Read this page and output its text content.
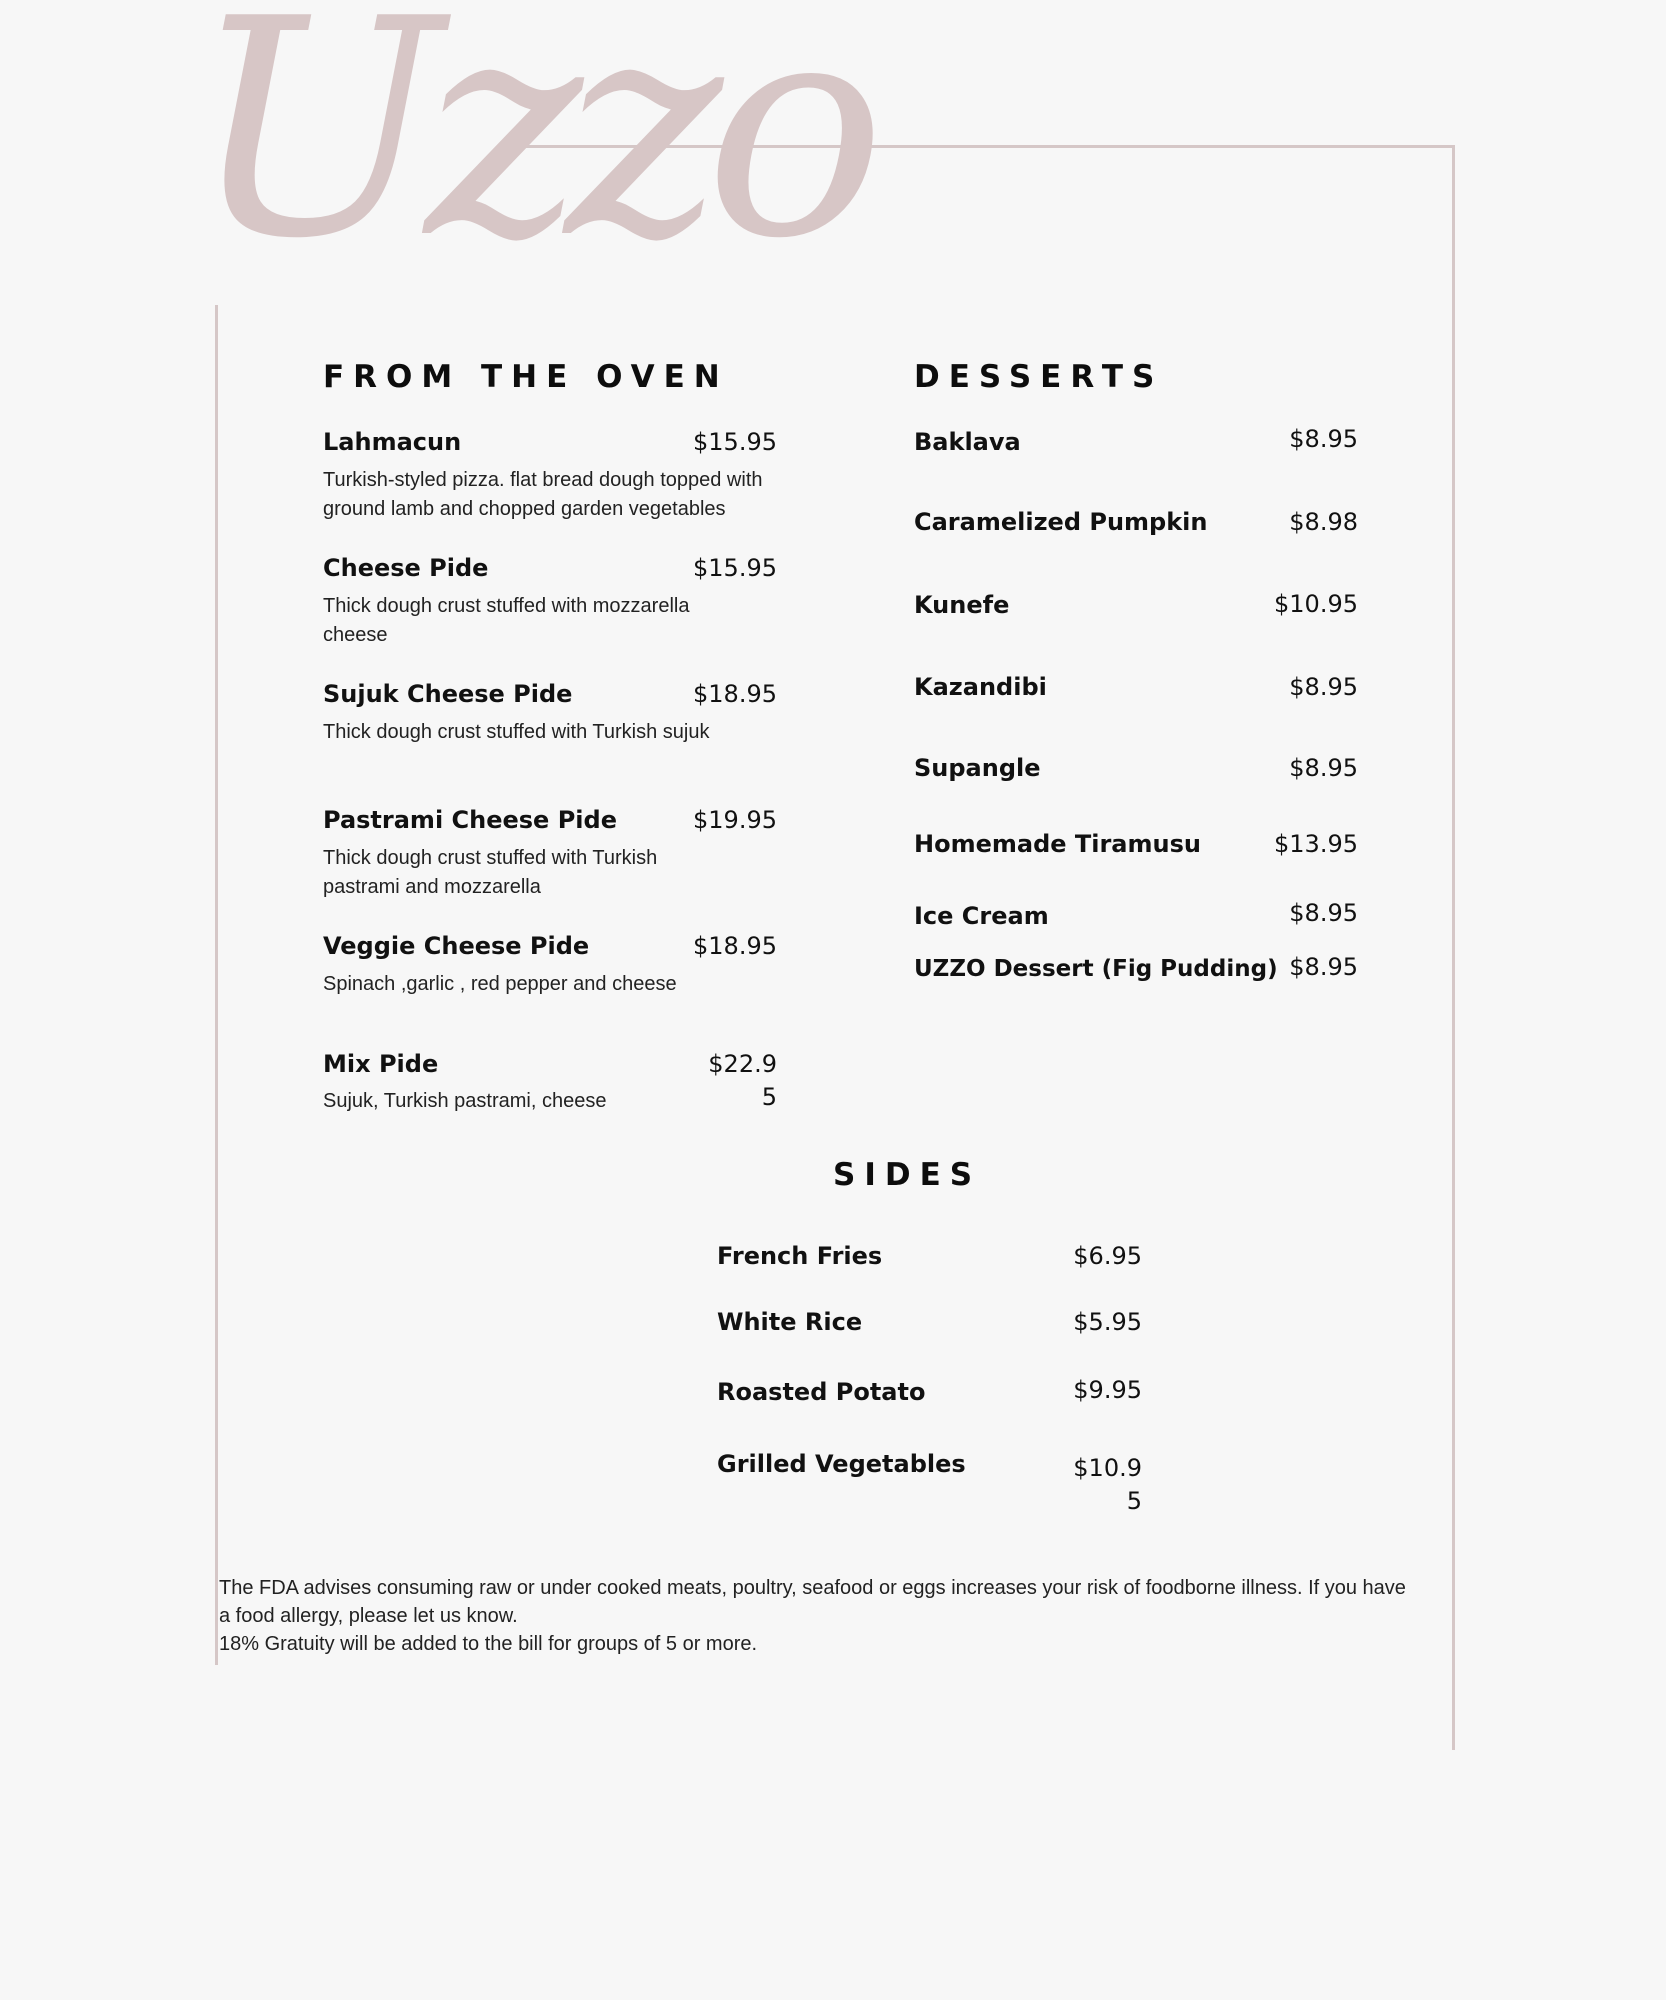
Uzzo
FROM THE OVEN
Lahmacun	$15.95
Turkish-styled pizza. flat bread dough topped with ground lamb and chopped garden vegetables
Cheese Pide	$15.95
Thick dough crust stuffed with mozzarella cheese
Sujuk Cheese Pide	$18.95
Thick dough crust stuffed with Turkish sujuk
Pastrami Cheese Pide	$19.95
Thick dough crust stuffed with Turkish pastrami and mozzarella
Veggie Cheese Pide	$18.95
Spinach ,garlic , red pepper and cheese
Mix Pide	$22.9
5
Sujuk, Turkish pastrami, cheese
DESSERTS
Baklava	$8.95
Caramelized Pumpkin	$8.98
Kunefe	$10.95
Kazandibi	$8.95
Supangle	$8.95
Homemade Tiramusu	$13.95
Ice Cream	$8.95
UZZO Dessert (Fig Pudding) $8.95
SIDES
French Fries	$6.95
White Rice	$5.95
Roasted Potato	$9.95
Grilled Vegetables	$10.9
5

The FDA advises consuming raw or under cooked meats, poultry, seafood or eggs increases your risk of foodborne illness. If you have a food allergy, please let us know.

18% Gratuity will be added to the bill for groups of 5 or more.
